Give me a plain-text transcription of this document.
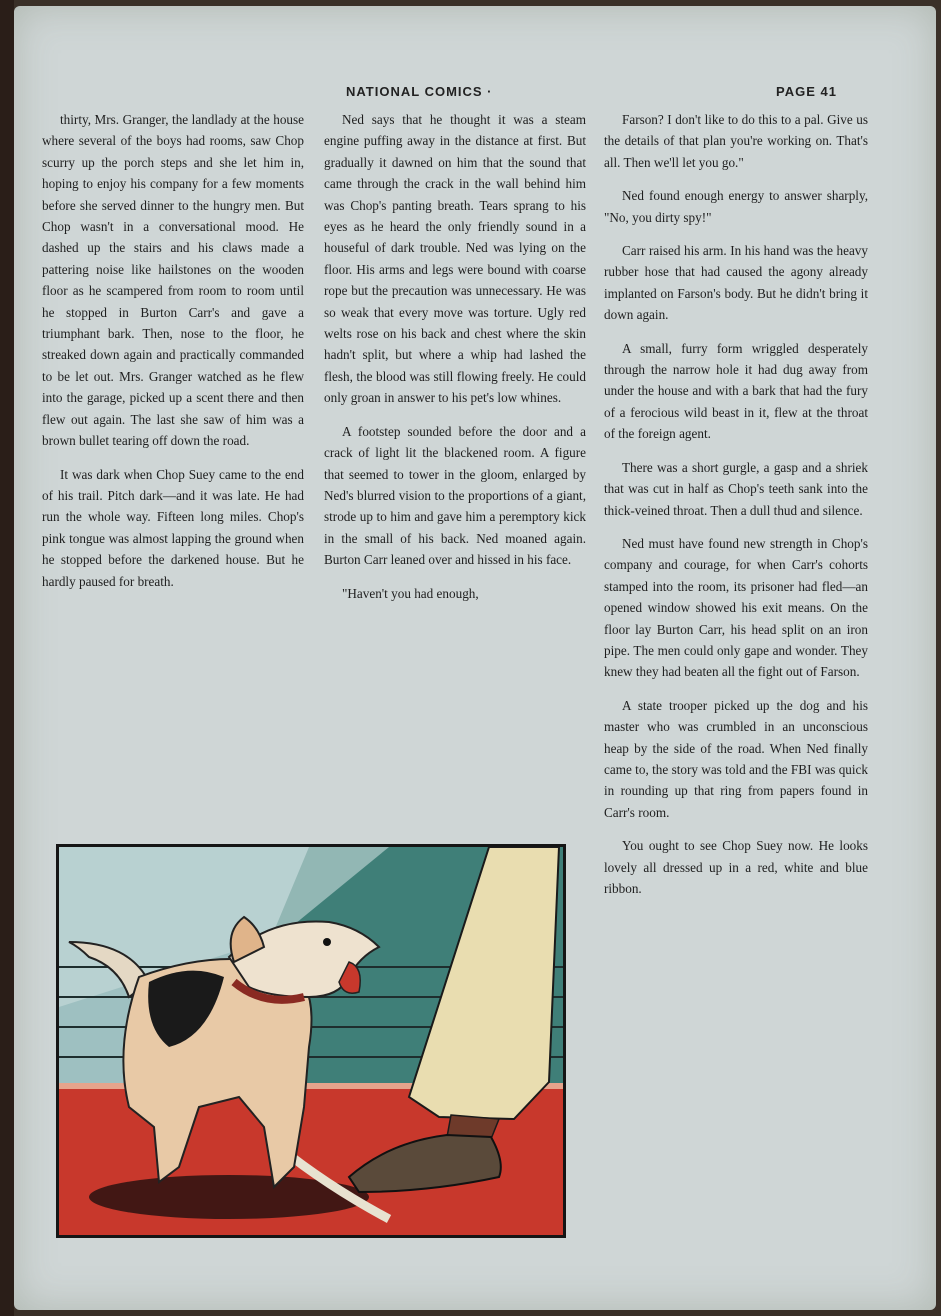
NATIONAL COMICS ·	PAGE 41

thirty, Mrs. Granger, the landlady at the house where several of the boys had rooms, saw Chop scurry up the porch steps and she let him in, hoping to enjoy his company for a few moments before she served dinner to the hungry men. But Chop wasn't in a conversational mood. He dashed up the stairs and his claws made a pattering noise like hailstones on the wooden floor as he scampered from room to room until he stopped in Burton Carr's and gave a triumphant bark. Then, nose to the floor, he streaked down again and practically commanded to be let out. Mrs. Granger watched as he flew into the garage, picked up a scent there and then flew out again. The last she saw of him was a brown bullet tearing off down the road.

It was dark when Chop Suey came to the end of his trail. Pitch dark—and it was late. He had run the whole way. Fifteen long miles. Chop's pink tongue was almost lapping the ground when he stopped before the darkened house. But he hardly paused for breath.

Ned says that he thought it was a steam engine puffing away in the distance at first. But gradually it dawned on him that the sound that came through the crack in the wall behind him was Chop's panting breath. Tears sprang to his eyes as he heard the only friendly sound in a houseful of dark trouble. Ned was lying on the floor. His arms and legs were bound with coarse rope but the precaution was unnecessary. He was so weak that every move was torture. Ugly red welts rose on his back and chest where the skin hadn't split, but where a whip had lashed the flesh, the blood was still flowing freely. He could only groan in answer to his pet's low whines.

A footstep sounded before the door and a crack of light lit the blackened room. A figure that seemed to tower in the gloom, enlarged by Ned's blurred vision to the proportions of a giant, strode up to him and gave him a peremptory kick in the small of his back. Ned moaned again. Burton Carr leaned over and hissed in his face.

"Haven't you had enough,

Farson? I don't like to do this to a pal. Give us the details of that plan you're working on. That's all. Then we'll let you go."

Ned found enough energy to answer sharply, "No, you dirty spy!"

Carr raised his arm. In his hand was the heavy rubber hose that had caused the agony already implanted on Farson's body. But he didn't bring it down again.

A small, furry form wriggled desperately through the narrow hole it had dug away from under the house and with a bark that had the fury of a ferocious wild beast in it, flew at the throat of the foreign agent.

There was a short gurgle, a gasp and a shriek that was cut in half as Chop's teeth sank into the thick-veined throat. Then a dull thud and silence.

Ned must have found new strength in Chop's company and courage, for when Carr's cohorts stamped into the room, its prisoner had fled—an opened window showed his exit means. On the floor lay Burton Carr, his head split on an iron pipe. The men could only gape and wonder. They knew they had beaten all the fight out of Farson.

A state trooper picked up the dog and his master who was crumbled in an unconscious heap by the side of the road. When Ned finally came to, the story was told and the FBI was quick in rounding up that ring from papers found in Carr's room.

You ought to see Chop Suey now. He looks lovely all dressed up in a red, white and blue ribbon.
